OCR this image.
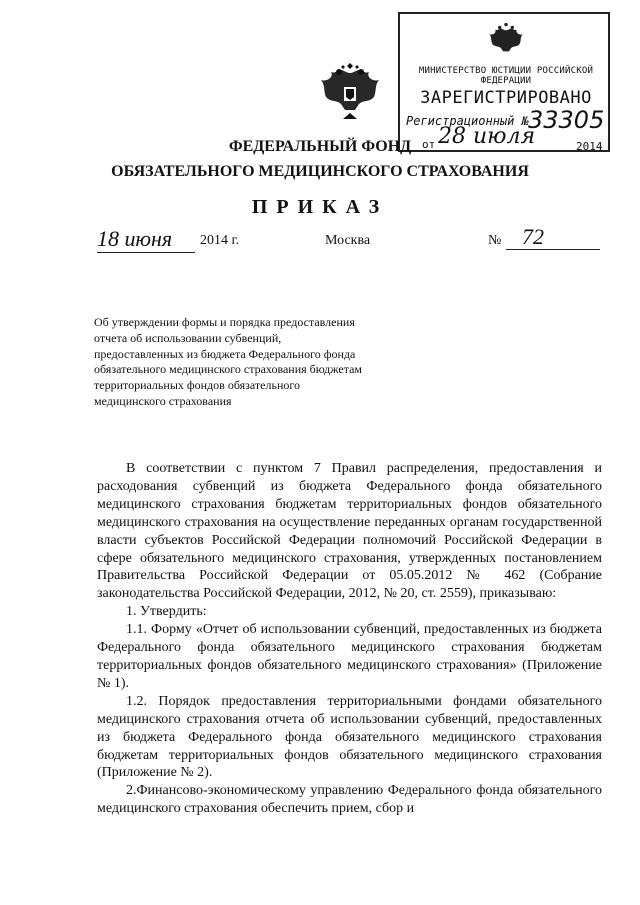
МИНИСТЕРСТВО ЮСТИЦИИ РОССИЙСКОЙ ФЕДЕРАЦИИ
ЗАРЕГИСТРИРОВАНО
Регистрационный № 33305
от 28 июля	2014
ФЕДЕРАЛЬНЫЙ ФОНД
ОБЯЗАТЕЛЬНОГО МЕДИЦИНСКОГО СТРАХОВАНИЯ
ПРИКАЗ
18 июня	2014 г.	Москва	№ 72
Об утверждении формы и порядка предоставления отчета об использовании субвенций, предоставленных из бюджета Федерального фонда обязательного медицинского страхования бюджетам территориальных фондов обязательного медицинского страхования

В соответствии с пунктом 7 Правил распределения, предоставления и расходования субвенций из бюджета Федерального фонда обязательного медицинского страхования бюджетам территориальных фондов обязательного медицинского страхования на осуществление переданных органам государственной власти субъектов Российской Федерации полномочий Российской Федерации в сфере обязательного медицинского страхования, утвержденных постановлением Правительства Российской Федерации от 05.05.2012 № 462 (Собрание законодательства Российской Федерации, 2012, № 20, ст. 2559), приказываю:

1. Утвердить:

1.1. Форму «Отчет об использовании субвенций, предоставленных из бюджета Федерального фонда обязательного медицинского страхования бюджетам территориальных фондов обязательного медицинского страхования» (Приложение № 1).

1.2. Порядок предоставления территориальными фондами обязательного медицинского страхования отчета об использовании субвенций, предоставленных из бюджета Федерального фонда обязательного медицинского страхования бюджетам территориальных фондов обязательного медицинского страхования (Приложение № 2).

2.Финансово-экономическому управлению Федерального фонда обязательного медицинского страхования обеспечить прием, сбор и
